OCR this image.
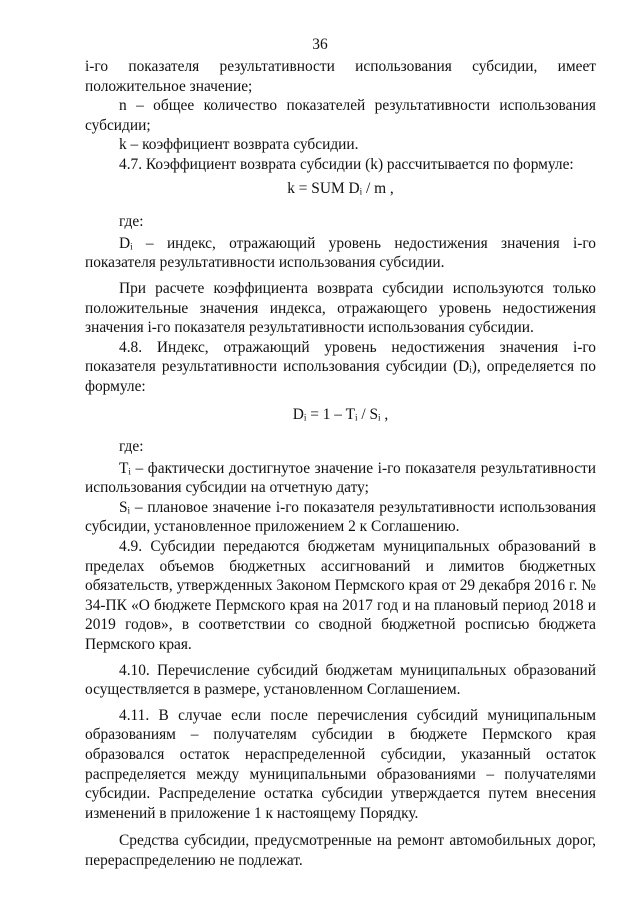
36

i-го показателя результативности использования субсидии, имеет положительное значение;

n – общее количество показателей результативности использования субсидии;

k – коэффициент возврата субсидии.

4.7. Коэффициент возврата субсидии (k) рассчитывается по формуле:

k = SUM Dᵢ / m ,

где:

Dᵢ – индекс, отражающий уровень недостижения значения i-го показателя результативности использования субсидии.

При расчете коэффициента возврата субсидии используются только положительные значения индекса, отражающего уровень недостижения значения i-го показателя результативности использования субсидии.

4.8. Индекс, отражающий уровень недостижения значения i-го показателя результативности использования субсидии (Dᵢ), определяется по формуле:

Dᵢ = 1 – Tᵢ / Sᵢ ,

где:

Tᵢ – фактически достигнутое значение i-го показателя результативности использования субсидии на отчетную дату;

Sᵢ – плановое значение i-го показателя результативности использования субсидии, установленное приложением 2 к Соглашению.

4.9. Субсидии передаются бюджетам муниципальных образований в пределах объемов бюджетных ассигнований и лимитов бюджетных обязательств, утвержденных Законом Пермского края от 29 декабря 2016 г. № 34-ПК «О бюджете Пермского края на 2017 год и на плановый период 2018 и 2019 годов», в соответствии со сводной бюджетной росписью бюджета Пермского края.

4.10. Перечисление субсидий бюджетам муниципальных образований осуществляется в размере, установленном Соглашением.

4.11. В случае если после перечисления субсидий муниципальным образованиям – получателям субсидии в бюджете Пермского края образовался остаток нераспределенной субсидии, указанный остаток распределяется между муниципальными образованиями – получателями субсидии. Распределение остатка субсидии утверждается путем внесения изменений в приложение 1 к настоящему Порядку.

Средства субсидии, предусмотренные на ремонт автомобильных дорог, перераспределению не подлежат.
